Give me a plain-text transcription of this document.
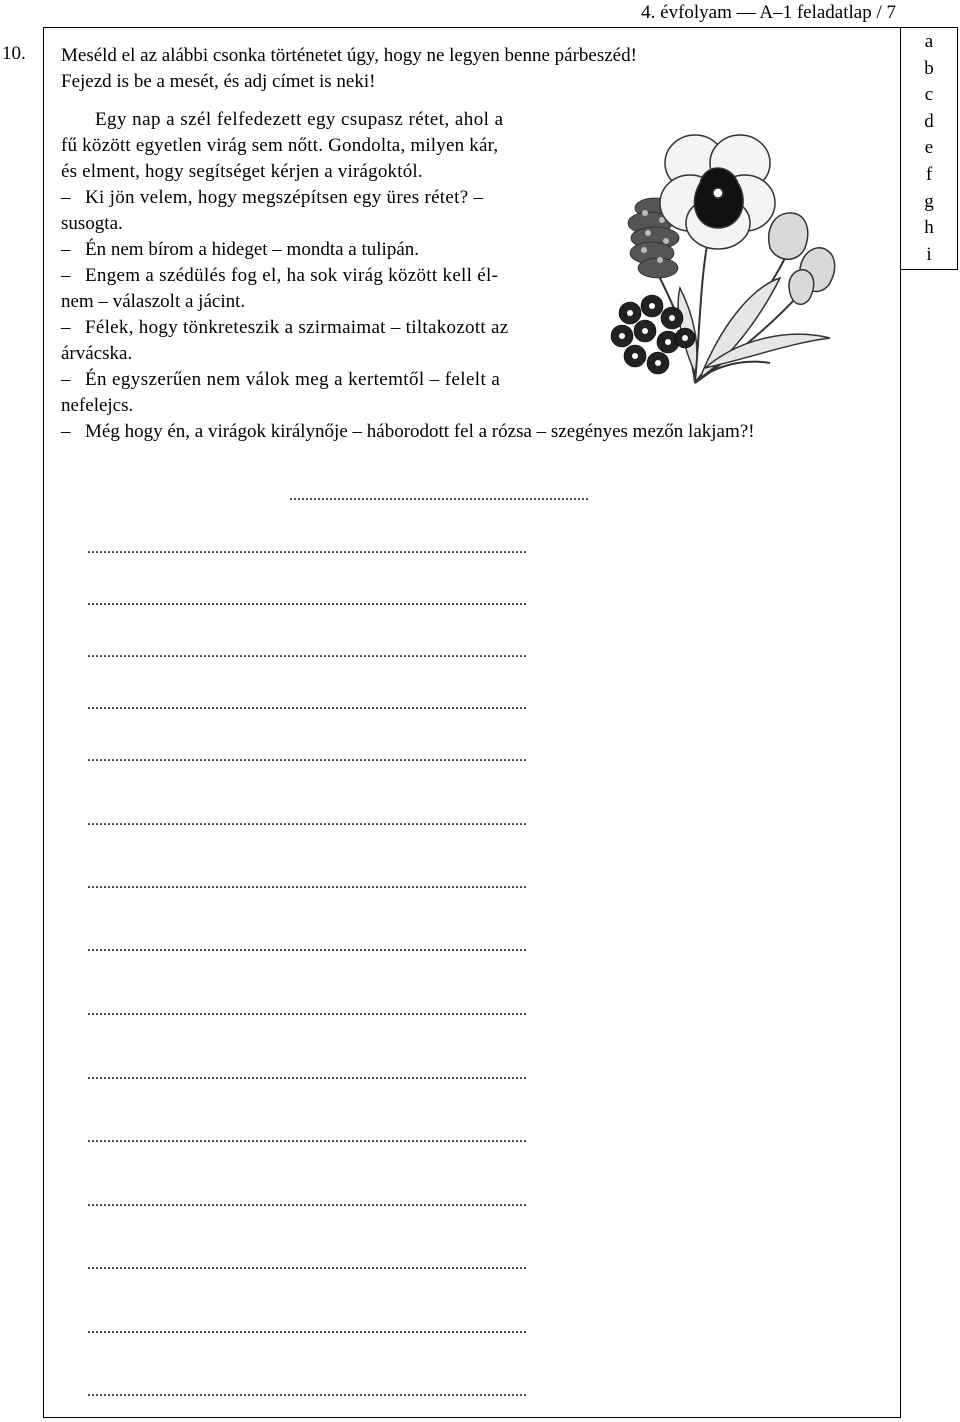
4. évfolyam — A–1 feladatlap / 7
a
b
c
d
e
f
g
h
i
10. Meséld el az alábbi csonka történetet úgy, hogy ne legyen benne párbeszéd!
Fejezd is be a mesét, és adj címet is neki!
Egy nap a szél felfedezett egy csupasz rétet, ahol a
fű között egyetlen virág sem nőtt. Gondolta, milyen kár,
és elment, hogy segítséget kérjen a virágoktól.
– Ki jön velem, hogy megszépítsen egy üres rétet? –
susogta.
– Én nem bírom a hideget – mondta a tulipán.
– Engem a szédülés fog el, ha sok virág között kell él-
nem – válaszolt a jácint.
– Félek, hogy tönkreteszik a szirmaimat – tiltakozott az
árvácska.
– Én egyszerűen nem válok meg a kertemtől – felelt a
nefelejcs.
– Még hogy én, a virágok királynője – háborodott fel a rózsa – szegényes mezőn lakjam?!
...........................................................................
..............................................................................................................
..............................................................................................................
..............................................................................................................
..............................................................................................................
..............................................................................................................
..............................................................................................................
..............................................................................................................
..............................................................................................................
..............................................................................................................
..............................................................................................................
..............................................................................................................
..............................................................................................................
..............................................................................................................
..............................................................................................................
..............................................................................................................
